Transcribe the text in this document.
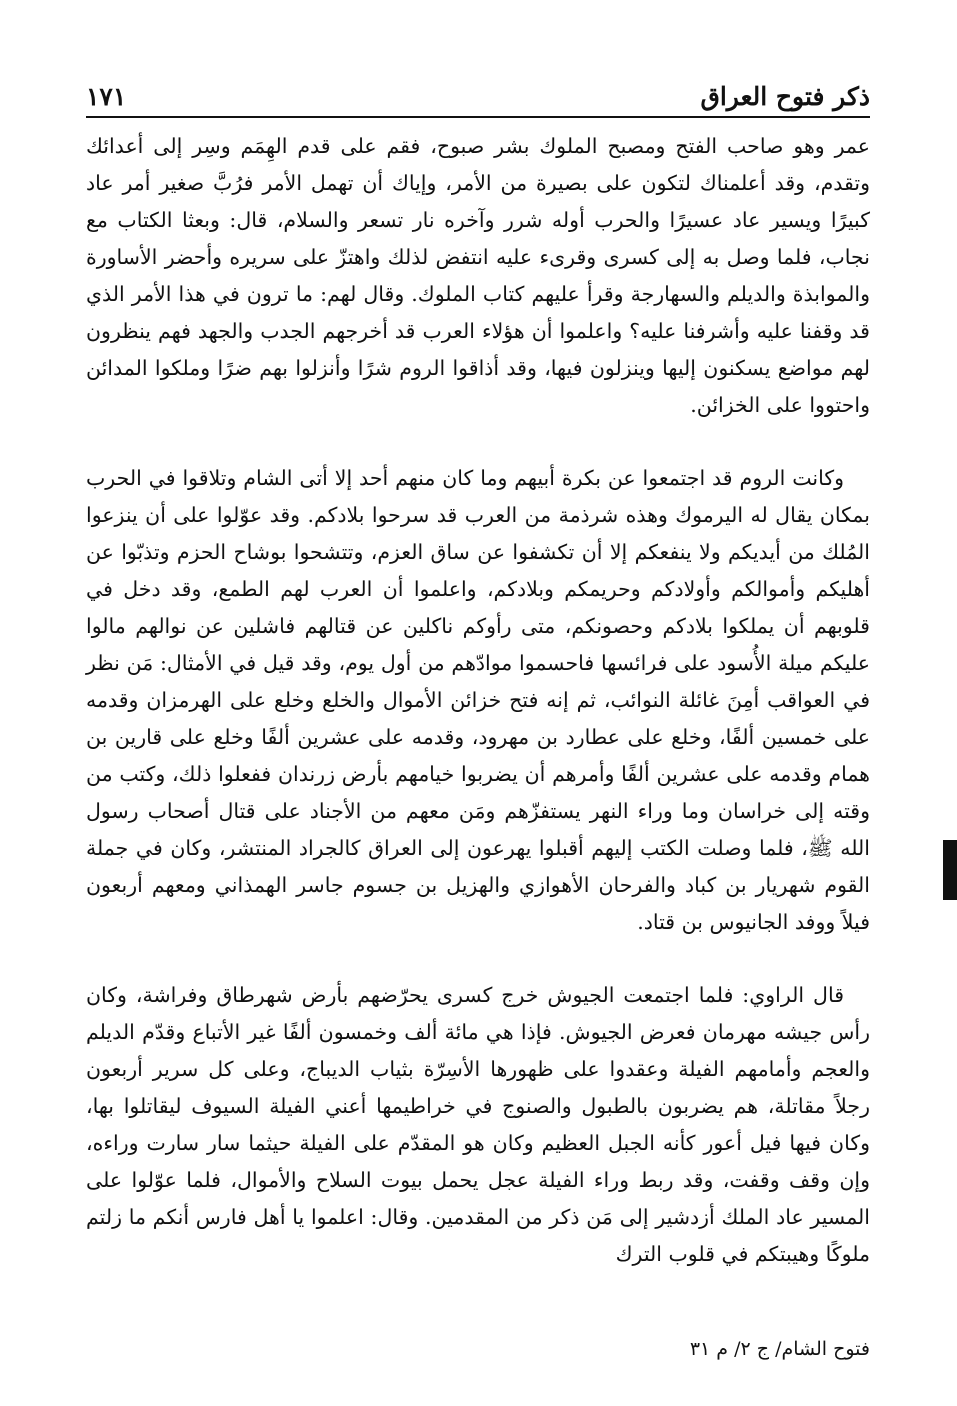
ذكر فتوح العراق
١٧١

عمر وهو صاحب الفتح ومصبح الملوك بشر صبوح، فقم على قدم الهِمَم وسِر إلى أعدائك وتقدم، وقد أعلمناك لتكون على بصيرة من الأمر، وإياك أن تهمل الأمر فرُبَّ صغير أمر عاد كبيرًا ويسير عاد عسيرًا والحرب أوله شرر وآخره نار تسعر والسلام، قال: وبعثا الكتاب مع نجاب، فلما وصل به إلى كسرى وقرىء عليه انتفض لذلك واهتزّ على سريره وأحضر الأساورة والموابذة والديلم والسهارجة وقرأ عليهم كتاب الملوك. وقال لهم: ما ترون في هذا الأمر الذي قد وقفنا عليه وأشرفنا عليه؟ واعلموا أن هؤلاء العرب قد أخرجهم الجدب والجهد فهم ينظرون لهم مواضع يسكنون إليها وينزلون فيها، وقد أذاقوا الروم شرًا وأنزلوا بهم ضرًا وملكوا المدائن واحتووا على الخزائن.

وكانت الروم قد اجتمعوا عن بكرة أبيهم وما كان منهم أحد إلا أتى الشام وتلاقوا في الحرب بمكان يقال له اليرموك وهذه شرذمة من العرب قد سرحوا بلادكم. وقد عوّلوا على أن ينزعوا المُلك من أيديكم ولا ينفعكم إلا أن تكشفوا عن ساق العزم، وتتشحوا بوشاح الحزم وتذبّوا عن أهليكم وأموالكم وأولادكم وحريمكم وبلادكم، واعلموا أن العرب لهم الطمع، وقد دخل في قلوبهم أن يملكوا بلادكم وحصونكم، متى رأوكم ناكلين عن قتالهم فاشلين عن نوالهم مالوا عليكم ميلة الأُسود على فرائسها فاحسموا موادّهم من أول يوم، وقد قيل في الأمثال: مَن نظر في العواقب أمِنَ غائلة النوائب، ثم إنه فتح خزائن الأموال والخلع وخلع على الهرمزان وقدمه على خمسين ألفًا، وخلع على عطارد بن مهرود، وقدمه على عشرين ألفًا وخلع على قارين بن همام وقدمه على عشرين ألفًا وأمرهم أن يضربوا خيامهم بأرض زرندان ففعلوا ذلك، وكتب من وقته إلى خراسان وما وراء النهر يستفزّهم ومَن معهم من الأجناد على قتال أصحاب رسول الله ﷺ، فلما وصلت الكتب إليهم أقبلوا يهرعون إلى العراق كالجراد المنتشر، وكان في جملة القوم شهريار بن كباد والفرحان الأهوازي والهزيل بن جسوم جاسر الهمذاني ومعهم أربعون فيلاً ووفد الجانيوس بن قتاد.

قال الراوي: فلما اجتمعت الجيوش خرج كسرى يحرّضهم بأرض شهرطاق وفراشة، وكان رأس جيشه مهرمان فعرض الجيوش. فإذا هي مائة ألف وخمسون ألفًا غير الأتباع وقدّم الديلم والعجم وأمامهم الفيلة وعقدوا على ظهورها الأسِرّة بثياب الديباج، وعلى كل سرير أربعون رجلاً مقاتلة، هم يضربون بالطبول والصنوج في خراطيمها أعني الفيلة السيوف ليقاتلوا بها، وكان فيها فيل أعور كأنه الجبل العظيم وكان هو المقدّم على الفيلة حيثما سار سارت وراءه، وإن وقف وقفت، وقد ربط وراء الفيلة عجل يحمل بيوت السلاح والأموال، فلما عوّلوا على المسير عاد الملك أزدشير إلى مَن ذكر من المقدمين. وقال: اعلموا يا أهل فارس أنكم ما زلتم ملوكًا وهيبتكم في قلوب الترك

فتوح الشام/ ج ٢/ م ٣١
